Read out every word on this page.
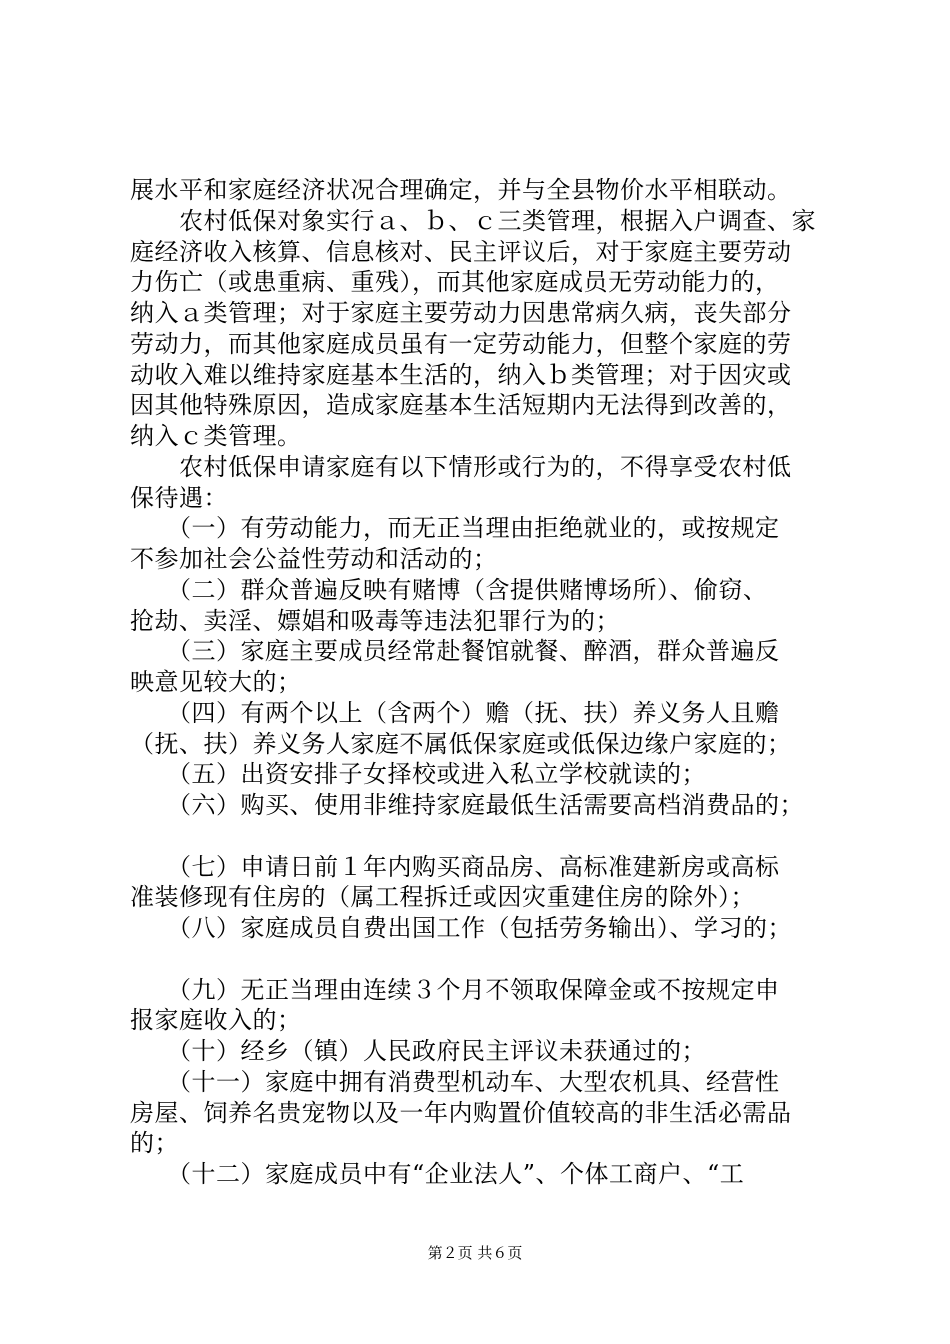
展水平和家庭经济状况合理确定，并与全县物价水平相联动。
　　农村低保对象实行ａ、ｂ、ｃ三类管理，根据入户调查、家
庭经济收入核算、信息核对、民主评议后，对于家庭主要劳动
力伤亡（或患重病、重残），而其他家庭成员无劳动能力的，
纳入ａ类管理；对于家庭主要劳动力因患常病久病，丧失部分
劳动力，而其他家庭成员虽有一定劳动能力，但整个家庭的劳
动收入难以维持家庭基本生活的，纳入ｂ类管理；对于因灾或
因其他特殊原因，造成家庭基本生活短期内无法得到改善的，
纳入ｃ类管理。
　　农村低保申请家庭有以下情形或行为的，不得享受农村低
保待遇：
　　（一）有劳动能力，而无正当理由拒绝就业的，或按规定
不参加社会公益性劳动和活动的；
　　（二）群众普遍反映有赌博（含提供赌博场所）、偷窃、
抢劫、卖淫、嫖娼和吸毒等违法犯罪行为的；
　　（三）家庭主要成员经常赴餐馆就餐、醉酒，群众普遍反
映意见较大的；
　　（四）有两个以上（含两个）赡（抚、扶）养义务人且赡
（抚、扶）养义务人家庭不属低保家庭或低保边缘户家庭的；
　　（五）出资安排子女择校或进入私立学校就读的；
　　（六）购买、使用非维持家庭最低生活需要高档消费品的；
　　（七）申请日前１年内购买商品房、高标准建新房或高标
准装修现有住房的（属工程拆迁或因灾重建住房的除外）；
　　（八）家庭成员自费出国工作（包括劳务输出）、学习的；
　　（九）无正当理由连续３个月不领取保障金或不按规定申
报家庭收入的；
　　（十）经乡（镇）人民政府民主评议未获通过的；
　　（十一）家庭中拥有消费型机动车、大型农机具、经营性
房屋、饲养名贵宠物以及一年内购置价值较高的非生活必需品
的；
　　（十二）家庭成员中有“企业法人”、个体工商户、“工
第２页 共６页
